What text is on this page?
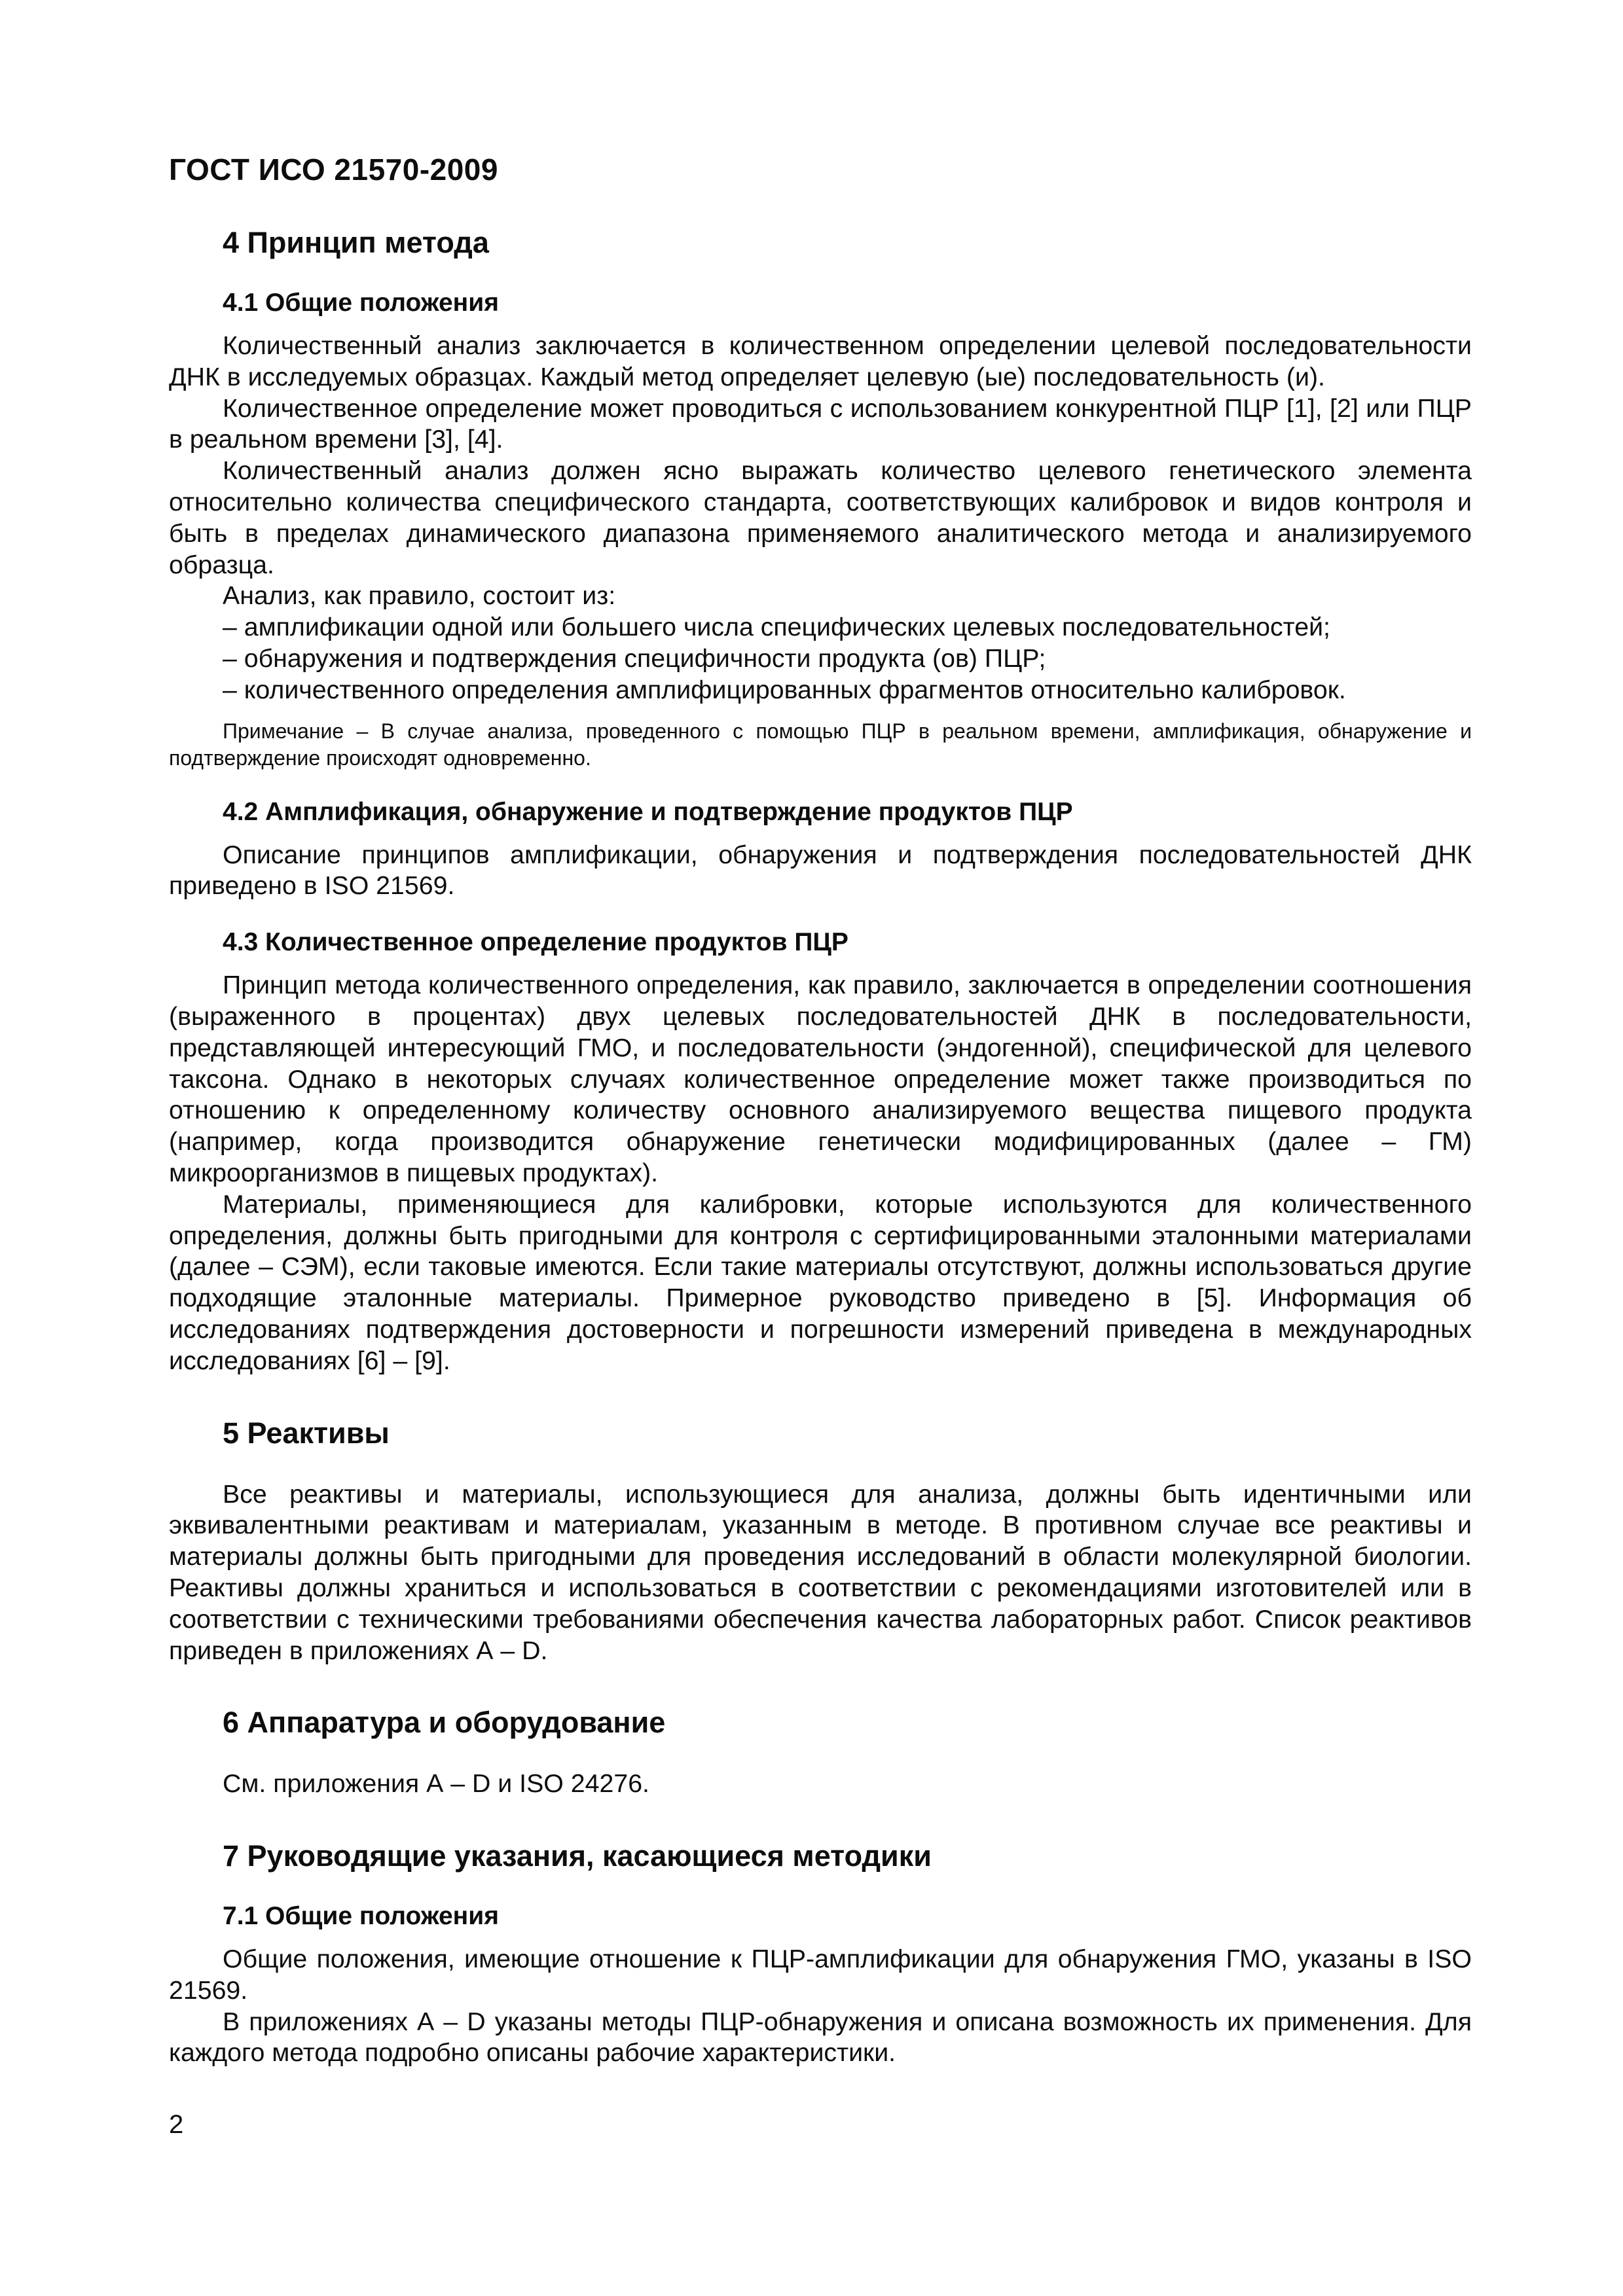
ГОСТ ИСО 21570-2009
4 Принцип метода
4.1 Общие положения

Количественный анализ заключается в количественном определении целевой последовательности ДНК в исследуемых образцах. Каждый метод определяет целевую (ые) последовательность (и).

Количественное определение может проводиться с использованием конкурентной ПЦР [1], [2] или ПЦР в реальном времени [3], [4].

Количественный анализ должен ясно выражать количество целевого генетического элемента относительно количества специфического стандарта, соответствующих калибровок и видов контроля и быть в пределах динамического диапазона применяемого аналитического метода и анализируемого образца.

Анализ, как правило, состоит из:

– амплификации одной или большего числа специфических целевых последовательностей;

– обнаружения и подтверждения специфичности продукта (ов) ПЦР;

– количественного определения амплифицированных фрагментов относительно калибровок.

Примечание – В случае анализа, проведенного с помощью ПЦР в реальном времени, амплификация, обнаружение и подтверждение происходят одновременно.

4.2 Амплификация, обнаружение и подтверждение продуктов ПЦР

Описание принципов амплификации, обнаружения и подтверждения последовательностей ДНК приведено в ISO 21569.

4.3 Количественное определение продуктов ПЦР

Принцип метода количественного определения, как правило, заключается в определении соотношения (выраженного в процентах) двух целевых последовательностей ДНК в последовательности, представляющей интересующий ГМО, и последовательности (эндогенной), специфической для целевого таксона. Однако в некоторых случаях количественное определение может также производиться по отношению к определенному количеству основного анализируемого вещества пищевого продукта (например, когда производится обнаружение генетически модифицированных (далее – ГМ) микроорганизмов в пищевых продуктах).

Материалы, применяющиеся для калибровки, которые используются для количественного определения, должны быть пригодными для контроля с сертифицированными эталонными материалами (далее – СЭМ), если таковые имеются. Если такие материалы отсутствуют, должны использоваться другие подходящие эталонные материалы. Примерное руководство приведено в [5]. Информация об исследованиях подтверждения достоверности и погрешности измерений приведена в международных исследованиях [6] – [9].

5 Реактивы

Все реактивы и материалы, использующиеся для анализа, должны быть идентичными или эквивалентными реактивам и материалам, указанным в методе. В противном случае все реактивы и материалы должны быть пригодными для проведения исследований в области молекулярной биологии. Реактивы должны храниться и использоваться в соответствии с рекомендациями изготовителей или в соответствии с техническими требованиями обеспечения качества лабораторных работ. Список реактивов приведен в приложениях А – D.

6 Аппаратура и оборудование

См. приложения А – D и ISO 24276.

7 Руководящие указания, касающиеся методики
7.1 Общие положения

Общие положения, имеющие отношение к ПЦР-амплификации для обнаружения ГМО, указаны в ISO 21569.

В приложениях А – D указаны методы ПЦР-обнаружения и описана возможность их применения. Для каждого метода подробно описаны рабочие характеристики.

2
